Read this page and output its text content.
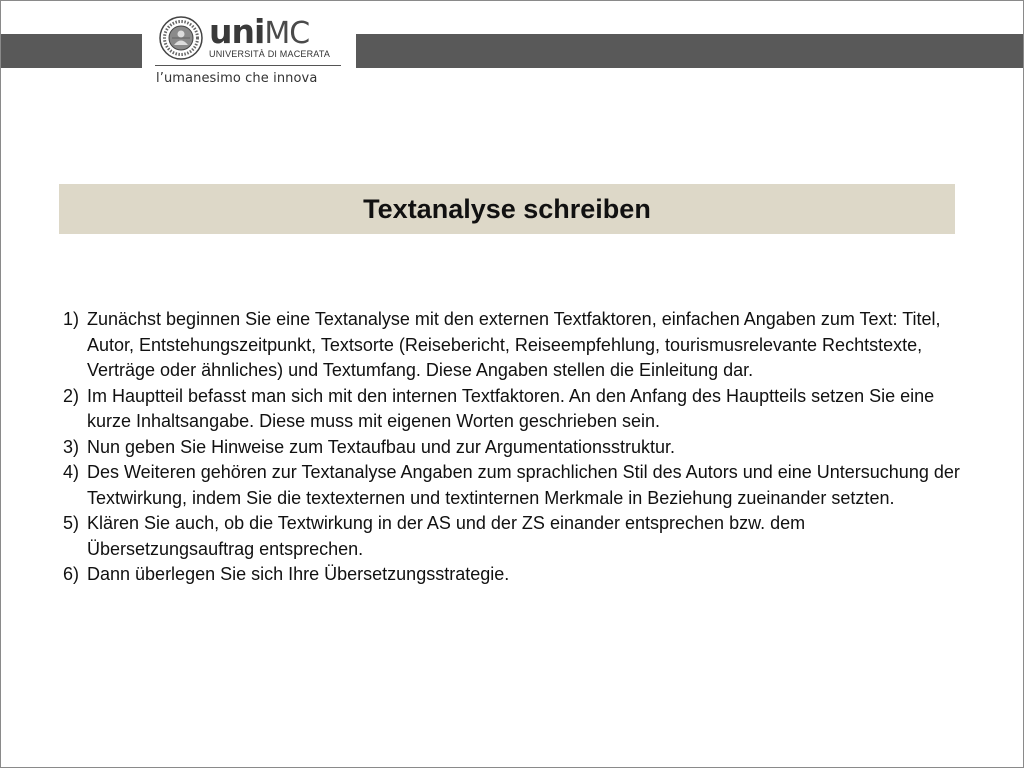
uniMC
UNIVERSITÀ DI MACERATA
l’umanesimo che innova
Textanalyse schreiben
1) Zunächst beginnen Sie eine Textanalyse mit den externen Textfaktoren, einfachen Angaben zum Text: Titel, Autor, Entstehungszeitpunkt, Textsorte (Reisebericht, Reiseempfehlung, tourismusrelevante Rechtstexte, Verträge oder ähnliches) und Textumfang. Diese Angaben stellen die Einleitung dar.
2) Im Hauptteil befasst man sich mit den internen Textfaktoren. An den Anfang des Hauptteils setzen Sie eine kurze Inhaltsangabe. Diese muss mit eigenen Worten geschrieben sein.
3) Nun geben Sie Hinweise zum Textaufbau und zur Argumentationsstruktur.
4) Des Weiteren gehören zur Textanalyse Angaben zum sprachlichen Stil des Autors und eine Untersuchung der Textwirkung, indem Sie die textexternen und textinternen Merkmale in Beziehung zueinander setzten.
5) Klären Sie auch, ob die Textwirkung in der AS und der ZS einander entsprechen bzw. dem Übersetzungsauftrag entsprechen.
6) Dann überlegen Sie sich Ihre Übersetzungsstrategie.
